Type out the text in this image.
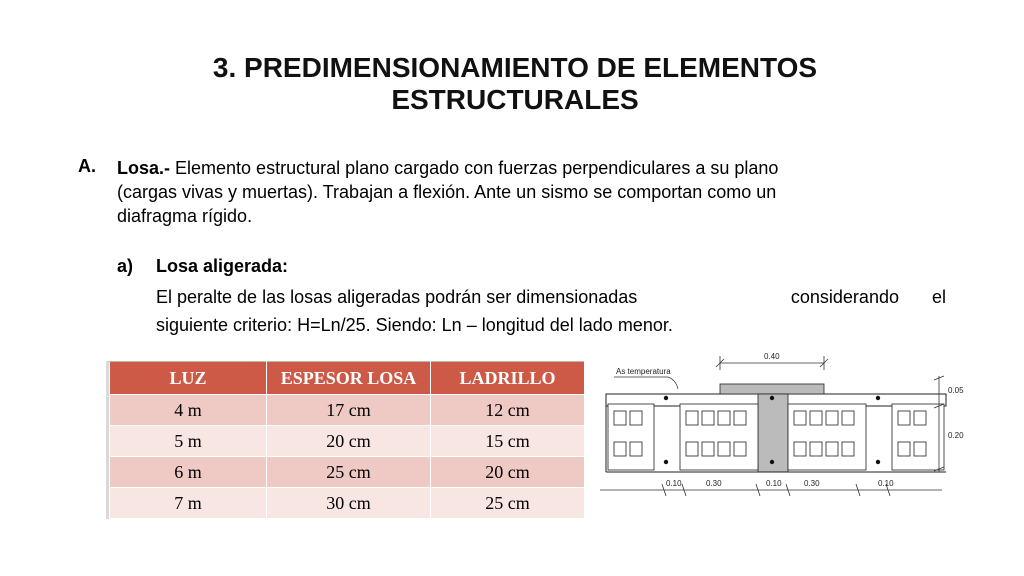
3. PREDIMENSIONAMIENTO DE ELEMENTOS
ESTRUCTURALES
A. Losa.- Elemento estructural plano cargado con fuerzas perpendiculares a su plano
(cargas vivas y muertas). Trabajan a flexión. Ante un sismo se comportan como un
diafragma rígido.
a) Losa aligerada:
El peralte de las losas aligeradas podrán ser dimensionadas	considerando el
siguiente criterio: H=Ln/25. Siendo: Ln – longitud del lado menor.
LUZ	ESPESOR LOSA	LADRILLO
4 m	17 cm	12 cm
5 m	20 cm	15 cm
6 m	25 cm	20 cm
7 m	30 cm	25 cm
0.40
As temperatura
0.05
0.20
0.10	0.30	0.10	0.30	0.10
